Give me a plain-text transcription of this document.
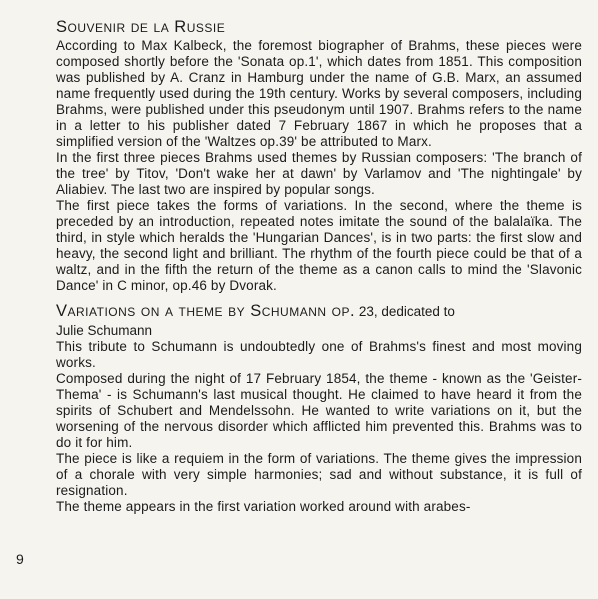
Souvenir de la Russie

According to Max Kalbeck, the foremost biographer of Brahms, these pieces were composed shortly before the 'Sonata op.1', which dates from 1851. This composition was published by A. Cranz in Hamburg under the name of G.B. Marx, an assumed name frequently used during the 19th century. Works by several composers, including Brahms, were published under this pseudonym until 1907. Brahms refers to the name in a letter to his publisher dated 7 February 1867 in which he proposes that a simplified version of the 'Waltzes op.39' be attributed to Marx.

In the first three pieces Brahms used themes by Russian composers: 'The branch of the tree' by Titov, 'Don't wake her at dawn' by Varlamov and 'The nightingale' by Aliabiev. The last two are inspired by popular songs.

The first piece takes the forms of variations. In the second, where the theme is preceded by an introduction, repeated notes imitate the sound of the balalaïka. The third, in style which heralds the 'Hungarian Dances', is in two parts: the first slow and heavy, the second light and brilliant. The rhythm of the fourth piece could be that of a waltz, and in the fifth the return of the theme as a canon calls to mind the 'Slavonic Dance' in C minor, op.46 by Dvorak.

Variations on a theme by Schumann op. 23, dedicated to
Julie Schumann

This tribute to Schumann is undoubtedly one of Brahms's finest and most moving works.

Composed during the night of 17 February 1854, the theme - known as the 'Geister-Thema' - is Schumann's last musical thought. He claimed to have heard it from the spirits of Schubert and Mendelssohn. He wanted to write variations on it, but the worsening of the nervous disorder which afflicted him prevented this. Brahms was to do it for him.

The piece is like a requiem in the form of variations. The theme gives the impression of a chorale with very simple harmonies; sad and without substance, it is full of resignation.

The theme appears in the first variation worked around with arabes-

9
